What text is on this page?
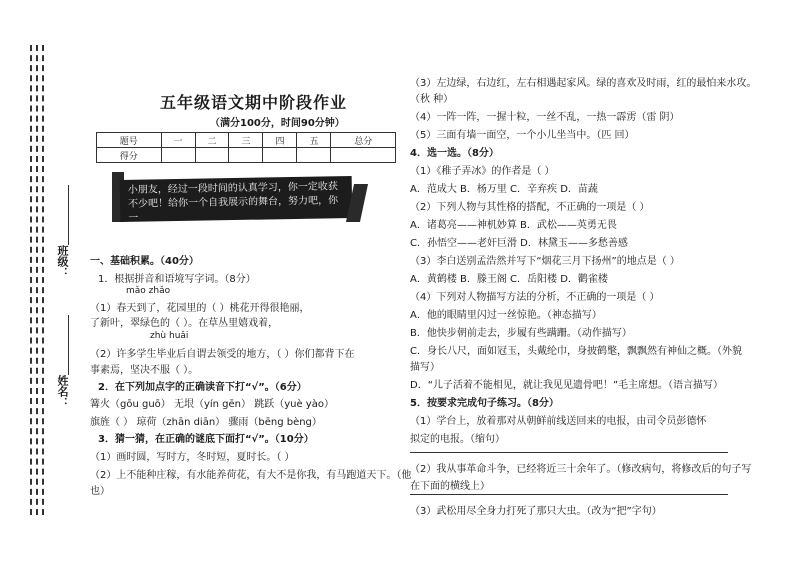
班级：
姓名：
五年级语文期中阶段作业
（满分100分，时间90分钟）
题号	一	二	三	四	五	总分
得分						
小朋友，经过一段时间的认真学习，你一定收获
不少吧！给你一个自我展示的舞台，努力吧，你一
一、基础积累。（40分）
1．根据拼音和语境写字词。（8分）
mǎo zhǎo
（1）春天到了，花园里的（ ）桃花开得很艳丽，
了新叶，翠绿色的（ ）。在草丛里嬉戏着，
zhù huǎi
（2）许多学生毕业后自谓去领受的地方，（ ）你们都背下在
事素焉，坚决不服（ ）。
2．在下列加点字的正确读音下打“√”。（6分）
篝火（gōu guō） 无垠（yín gēn） 跳跃（yuè yào）
旗旌（ ） 琼荷（zhān diān） 骤雨（bēng bèng）
3．猜一猜，在正确的谜底下面打“√”。（10分）
（1）画时圆，写时方，冬时短，夏时长。（ ）
（2）上不能种庄稼，有水能养荷花，有大不是你我，有马跑道天下。（他
也）
（3）左边绿，右边红，左右相遇起家风。绿的喜欢及时雨，红的最怕来水攻。
（秋 种）
（4）一阵一阵，一握十粒，一丝不乱，一热一霹雳（雷 阴）
（5）三面有墙一面空，一个小儿坐当中。（匹 回）
4．选一选。（8分）
（1）《稚子弄冰》的作者是（ ）
A．范成大 B．杨万里 C．辛弃疾 D．苗蔬
（2）下列人物与其性格的搭配，不正确的一项是（ ）
A．诸葛亮——神机妙算 B．武松——英勇无畏
C．孙悟空——老奸巨滑 D．林黛玉——多愁善感
（3）李白送别孟浩然并写下“烟花三月下扬州”的地点是（ ）
A．黄鹤楼 B．滕王阁 C．岳阳楼 D．鹳雀楼
（4）下列对人物描写方法的分析，不正确的一项是（ ）
A．他的眼睛里闪过一丝惊艳。（神态描写）
B．他快步朝前走去，步履有些蹒跚。（动作描写）
C．身长八尺，面如冠玉，头戴纶巾，身披鹤氅，飘飘然有神仙之概。（外貌
描写）
D．“儿子活着不能相见，就让我见见遗骨吧！”毛主席想。（语言描写）
5．按要求完成句子练习。（8分）
（1）学台上，放着那对从朝鲜前线送回来的电报，由司令员彭德怀
拟定的电报。（缩句）
（2）我从事革命斗争，已经将近三十余年了。（修改病句，将修改后的句子写
在下面的横线上）
（3）武松用尽全身力打死了那只大虫。（改为“把”字句）
